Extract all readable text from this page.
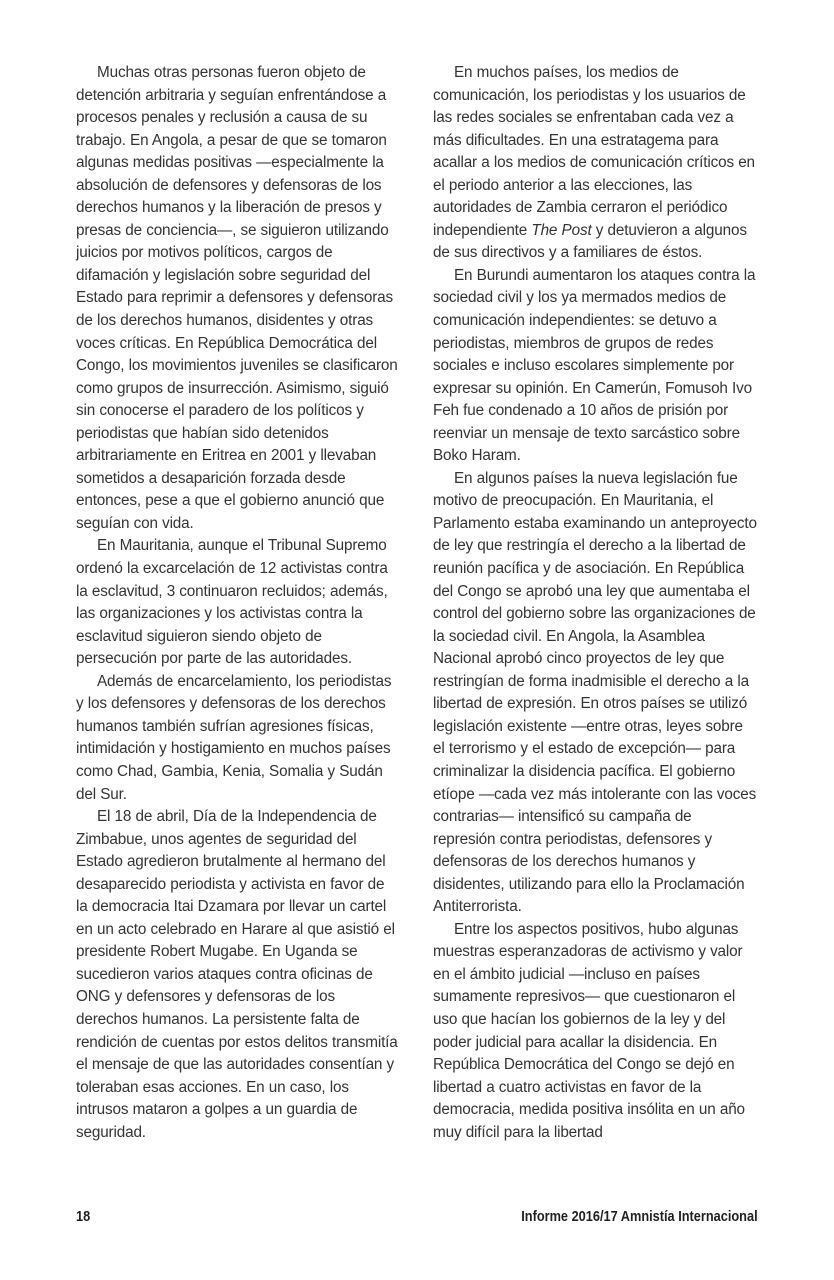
Muchas otras personas fueron objeto de detención arbitraria y seguían enfrentándose a procesos penales y reclusión a causa de su trabajo. En Angola, a pesar de que se tomaron algunas medidas positivas —especialmente la absolución de defensores y defensoras de los derechos humanos y la liberación de presos y presas de conciencia—, se siguieron utilizando juicios por motivos políticos, cargos de difamación y legislación sobre seguridad del Estado para reprimir a defensores y defensoras de los derechos humanos, disidentes y otras voces críticas. En República Democrática del Congo, los movimientos juveniles se clasificaron como grupos de insurrección. Asimismo, siguió sin conocerse el paradero de los políticos y periodistas que habían sido detenidos arbitrariamente en Eritrea en 2001 y llevaban sometidos a desaparición forzada desde entonces, pese a que el gobierno anunció que seguían con vida.

En Mauritania, aunque el Tribunal Supremo ordenó la excarcelación de 12 activistas contra la esclavitud, 3 continuaron recluidos; además, las organizaciones y los activistas contra la esclavitud siguieron siendo objeto de persecución por parte de las autoridades.

Además de encarcelamiento, los periodistas y los defensores y defensoras de los derechos humanos también sufrían agresiones físicas, intimidación y hostigamiento en muchos países como Chad, Gambia, Kenia, Somalia y Sudán del Sur.

El 18 de abril, Día de la Independencia de Zimbabue, unos agentes de seguridad del Estado agredieron brutalmente al hermano del desaparecido periodista y activista en favor de la democracia Itai Dzamara por llevar un cartel en un acto celebrado en Harare al que asistió el presidente Robert Mugabe. En Uganda se sucedieron varios ataques contra oficinas de ONG y defensores y defensoras de los derechos humanos. La persistente falta de rendición de cuentas por estos delitos transmitía el mensaje de que las autoridades consentían y toleraban esas acciones. En un caso, los intrusos mataron a golpes a un guardia de seguridad.

En muchos países, los medios de comunicación, los periodistas y los usuarios de las redes sociales se enfrentaban cada vez a más dificultades. En una estratagema para acallar a los medios de comunicación críticos en el periodo anterior a las elecciones, las autoridades de Zambia cerraron el periódico independiente The Post y detuvieron a algunos de sus directivos y a familiares de éstos.

En Burundi aumentaron los ataques contra la sociedad civil y los ya mermados medios de comunicación independientes: se detuvo a periodistas, miembros de grupos de redes sociales e incluso escolares simplemente por expresar su opinión. En Camerún, Fomusoh Ivo Feh fue condenado a 10 años de prisión por reenviar un mensaje de texto sarcástico sobre Boko Haram.

En algunos países la nueva legislación fue motivo de preocupación. En Mauritania, el Parlamento estaba examinando un anteproyecto de ley que restringía el derecho a la libertad de reunión pacífica y de asociación. En República del Congo se aprobó una ley que aumentaba el control del gobierno sobre las organizaciones de la sociedad civil. En Angola, la Asamblea Nacional aprobó cinco proyectos de ley que restringían de forma inadmisible el derecho a la libertad de expresión. En otros países se utilizó legislación existente —entre otras, leyes sobre el terrorismo y el estado de excepción— para criminalizar la disidencia pacífica. El gobierno etíope —cada vez más intolerante con las voces contrarias— intensificó su campaña de represión contra periodistas, defensores y defensoras de los derechos humanos y disidentes, utilizando para ello la Proclamación Antiterrorista.

Entre los aspectos positivos, hubo algunas muestras esperanzadoras de activismo y valor en el ámbito judicial —incluso en países sumamente represivos— que cuestionaron el uso que hacían los gobiernos de la ley y del poder judicial para acallar la disidencia. En República Democrática del Congo se dejó en libertad a cuatro activistas en favor de la democracia, medida positiva insólita en un año muy difícil para la libertad

18	Informe 2016/17 Amnistía Internacional
